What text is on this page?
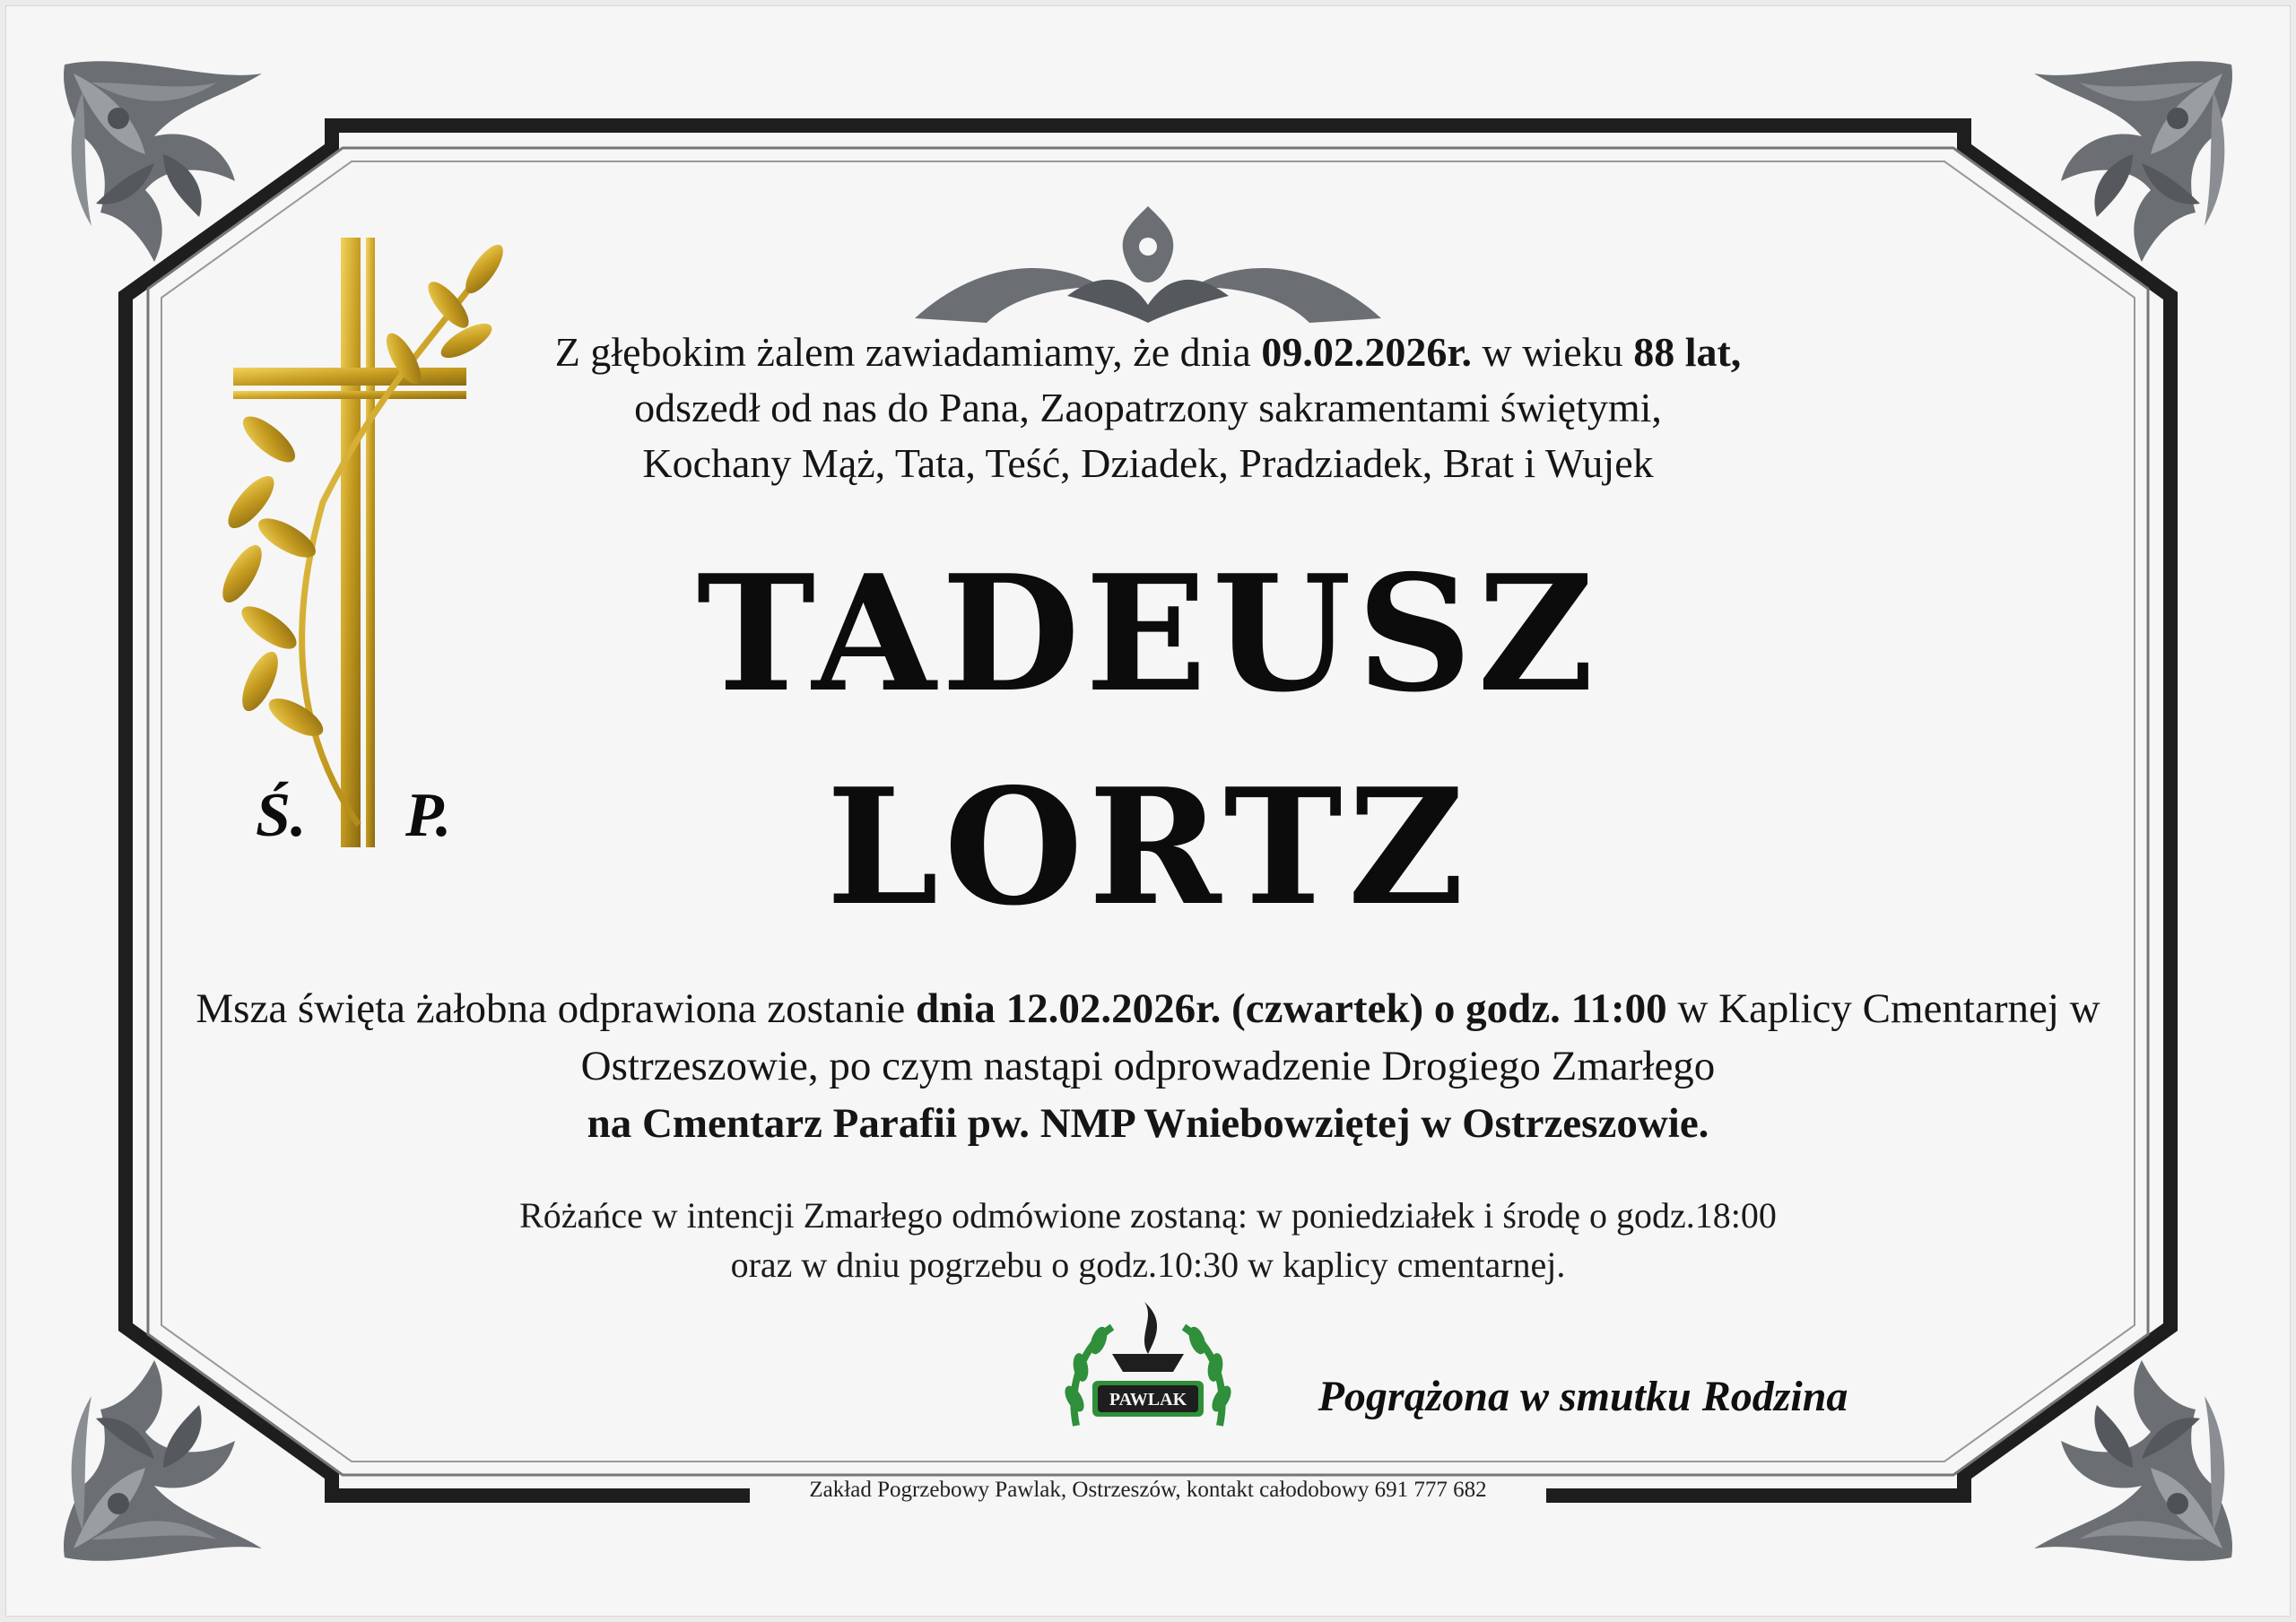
Z głębokim żalem zawiadamiamy, że dnia 09.02.2026r. w wieku 88 lat,
odszedł od nas do Pana, Zaopatrzony sakramentami świętymi,
Kochany Mąż, Tata, Teść, Dziadek, Pradziadek, Brat i Wujek
Ś. P.
TADEUSZ
LORTZ
Msza święta żałobna odprawiona zostanie dnia 12.02.2026r. (czwartek) o godz. 11:00 w Kaplicy Cmentarnej w Ostrzeszowie, po czym nastąpi odprowadzenie Drogiego Zmarłego
na Cmentarz Parafii pw. NMP Wniebowziętej w Ostrzeszowie.
Różańce w intencji Zmarłego odmówione zostaną: w poniedziałek i środę o godz.18:00
oraz w dniu pogrzebu o godz.10:30 w kaplicy cmentarnej.
Pogrążona w smutku Rodzina
PAWLAK
Zakład Pogrzebowy Pawlak, Ostrzeszów, kontakt całodobowy 691 777 682
